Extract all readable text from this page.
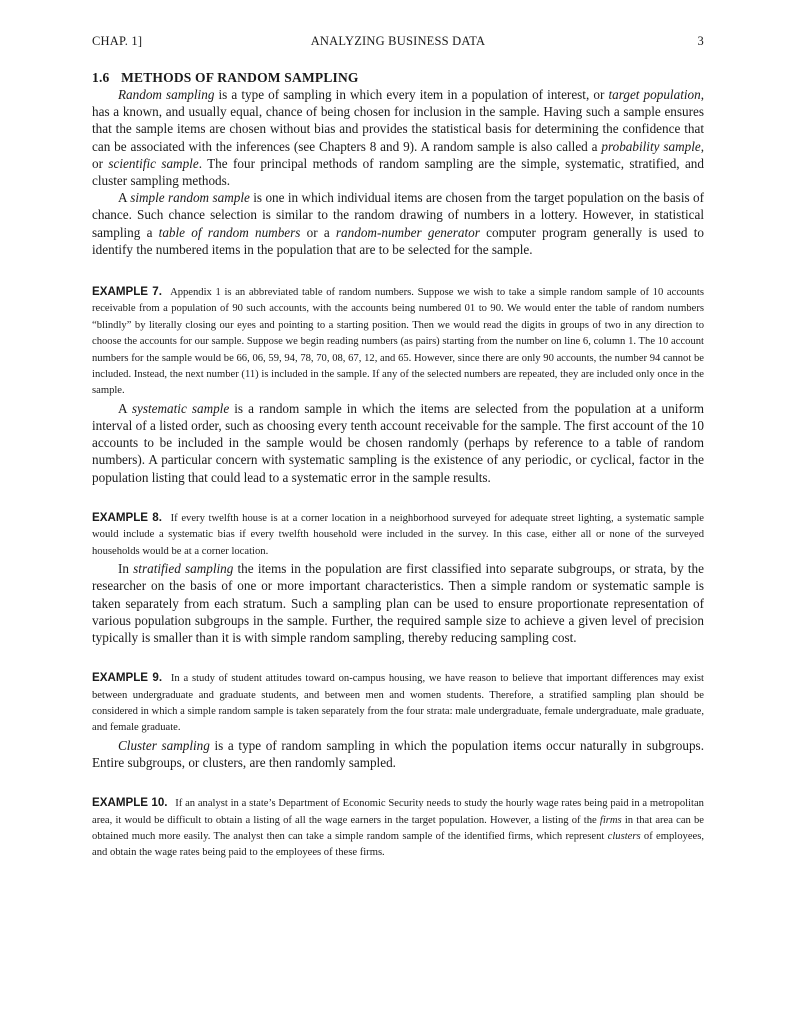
CHAP. 1]	ANALYZING BUSINESS DATA	3
1.6 METHODS OF RANDOM SAMPLING

Random sampling is a type of sampling in which every item in a population of interest, or target population, has a known, and usually equal, chance of being chosen for inclusion in the sample. Having such a sample ensures that the sample items are chosen without bias and provides the statistical basis for determining the confidence that can be associated with the inferences (see Chapters 8 and 9). A random sample is also called a probability sample, or scientific sample. The four principal methods of random sampling are the simple, systematic, stratified, and cluster sampling methods.

A simple random sample is one in which individual items are chosen from the target population on the basis of chance. Such chance selection is similar to the random drawing of numbers in a lottery. However, in statistical sampling a table of random numbers or a random-number generator computer program generally is used to identify the numbered items in the population that are to be selected for the sample.

EXAMPLE 7. Appendix 1 is an abbreviated table of random numbers. Suppose we wish to take a simple random sample of 10 accounts receivable from a population of 90 such accounts, with the accounts being numbered 01 to 90. We would enter the table of random numbers “blindly” by literally closing our eyes and pointing to a starting position. Then we would read the digits in groups of two in any direction to choose the accounts for our sample. Suppose we begin reading numbers (as pairs) starting from the number on line 6, column 1. The 10 account numbers for the sample would be 66, 06, 59, 94, 78, 70, 08, 67, 12, and 65. However, since there are only 90 accounts, the number 94 cannot be included. Instead, the next number (11) is included in the sample. If any of the selected numbers are repeated, they are included only once in the sample.

A systematic sample is a random sample in which the items are selected from the population at a uniform interval of a listed order, such as choosing every tenth account receivable for the sample. The first account of the 10 accounts to be included in the sample would be chosen randomly (perhaps by reference to a table of random numbers). A particular concern with systematic sampling is the existence of any periodic, or cyclical, factor in the population listing that could lead to a systematic error in the sample results.

EXAMPLE 8. If every twelfth house is at a corner location in a neighborhood surveyed for adequate street lighting, a systematic sample would include a systematic bias if every twelfth household were included in the survey. In this case, either all or none of the surveyed households would be at a corner location.

In stratified sampling the items in the population are first classified into separate subgroups, or strata, by the researcher on the basis of one or more important characteristics. Then a simple random or systematic sample is taken separately from each stratum. Such a sampling plan can be used to ensure proportionate representation of various population subgroups in the sample. Further, the required sample size to achieve a given level of precision typically is smaller than it is with simple random sampling, thereby reducing sampling cost.

EXAMPLE 9. In a study of student attitudes toward on-campus housing, we have reason to believe that important differences may exist between undergraduate and graduate students, and between men and women students. Therefore, a stratified sampling plan should be considered in which a simple random sample is taken separately from the four strata: male undergraduate, female undergraduate, male graduate, and female graduate.

Cluster sampling is a type of random sampling in which the population items occur naturally in subgroups. Entire subgroups, or clusters, are then randomly sampled.

EXAMPLE 10. If an analyst in a state’s Department of Economic Security needs to study the hourly wage rates being paid in a metropolitan area, it would be difficult to obtain a listing of all the wage earners in the target population. However, a listing of the firms in that area can be obtained much more easily. The analyst then can take a simple random sample of the identified firms, which represent clusters of employees, and obtain the wage rates being paid to the employees of these firms.
